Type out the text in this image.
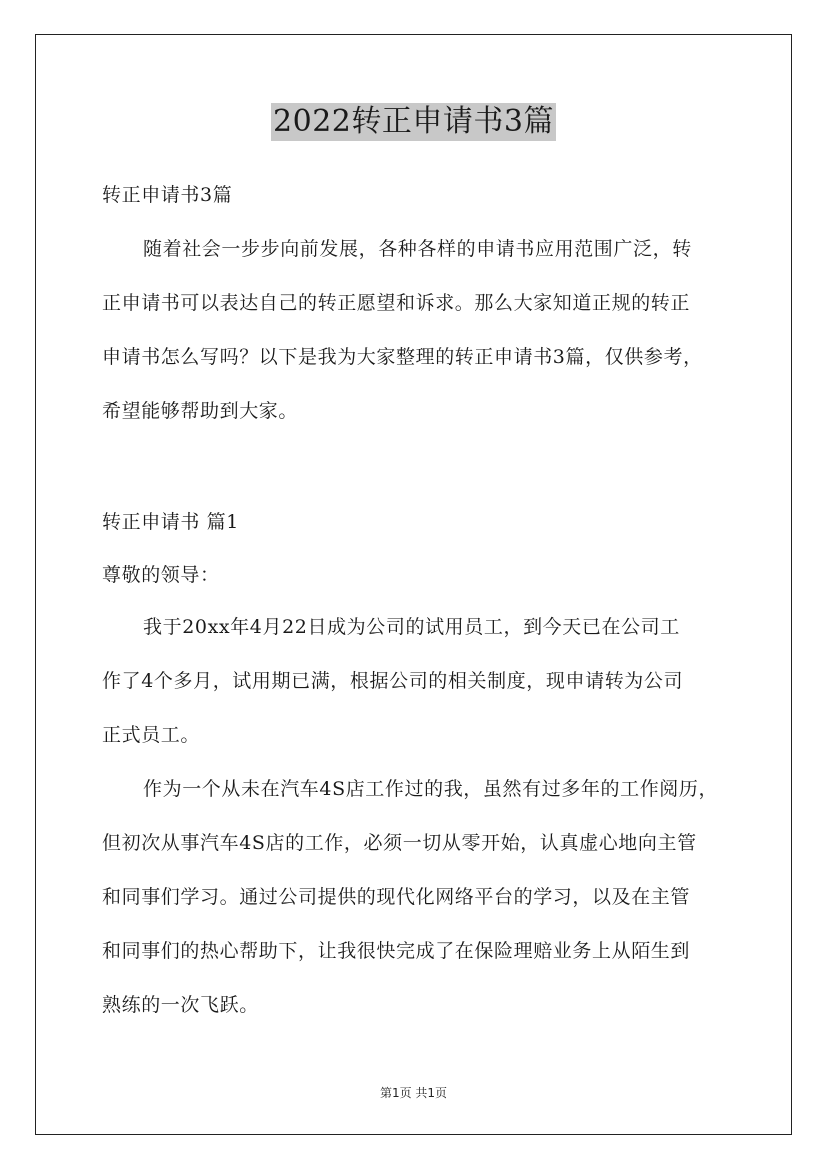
2022转正申请书3篇
转正申请书3篇
随着社会一步步向前发展，各种各样的申请书应用范围广泛，转
正申请书可以表达自己的转正愿望和诉求。那么大家知道正规的转正
申请书怎么写吗？以下是我为大家整理的转正申请书3篇，仅供参考，
希望能够帮助到大家。
转正申请书 篇1
尊敬的领导：
我于20xx年4月22日成为公司的试用员工，到今天已在公司工
作了4个多月，试用期已满，根据公司的相关制度，现申请转为公司
正式员工。
作为一个从未在汽车4S店工作过的我，虽然有过多年的工作阅历，
但初次从事汽车4S店的工作，必须一切从零开始，认真虚心地向主管
和同事们学习。通过公司提供的现代化网络平台的学习，以及在主管
和同事们的热心帮助下，让我很快完成了在保险理赔业务上从陌生到
熟练的一次飞跃。
第1页 共1页
